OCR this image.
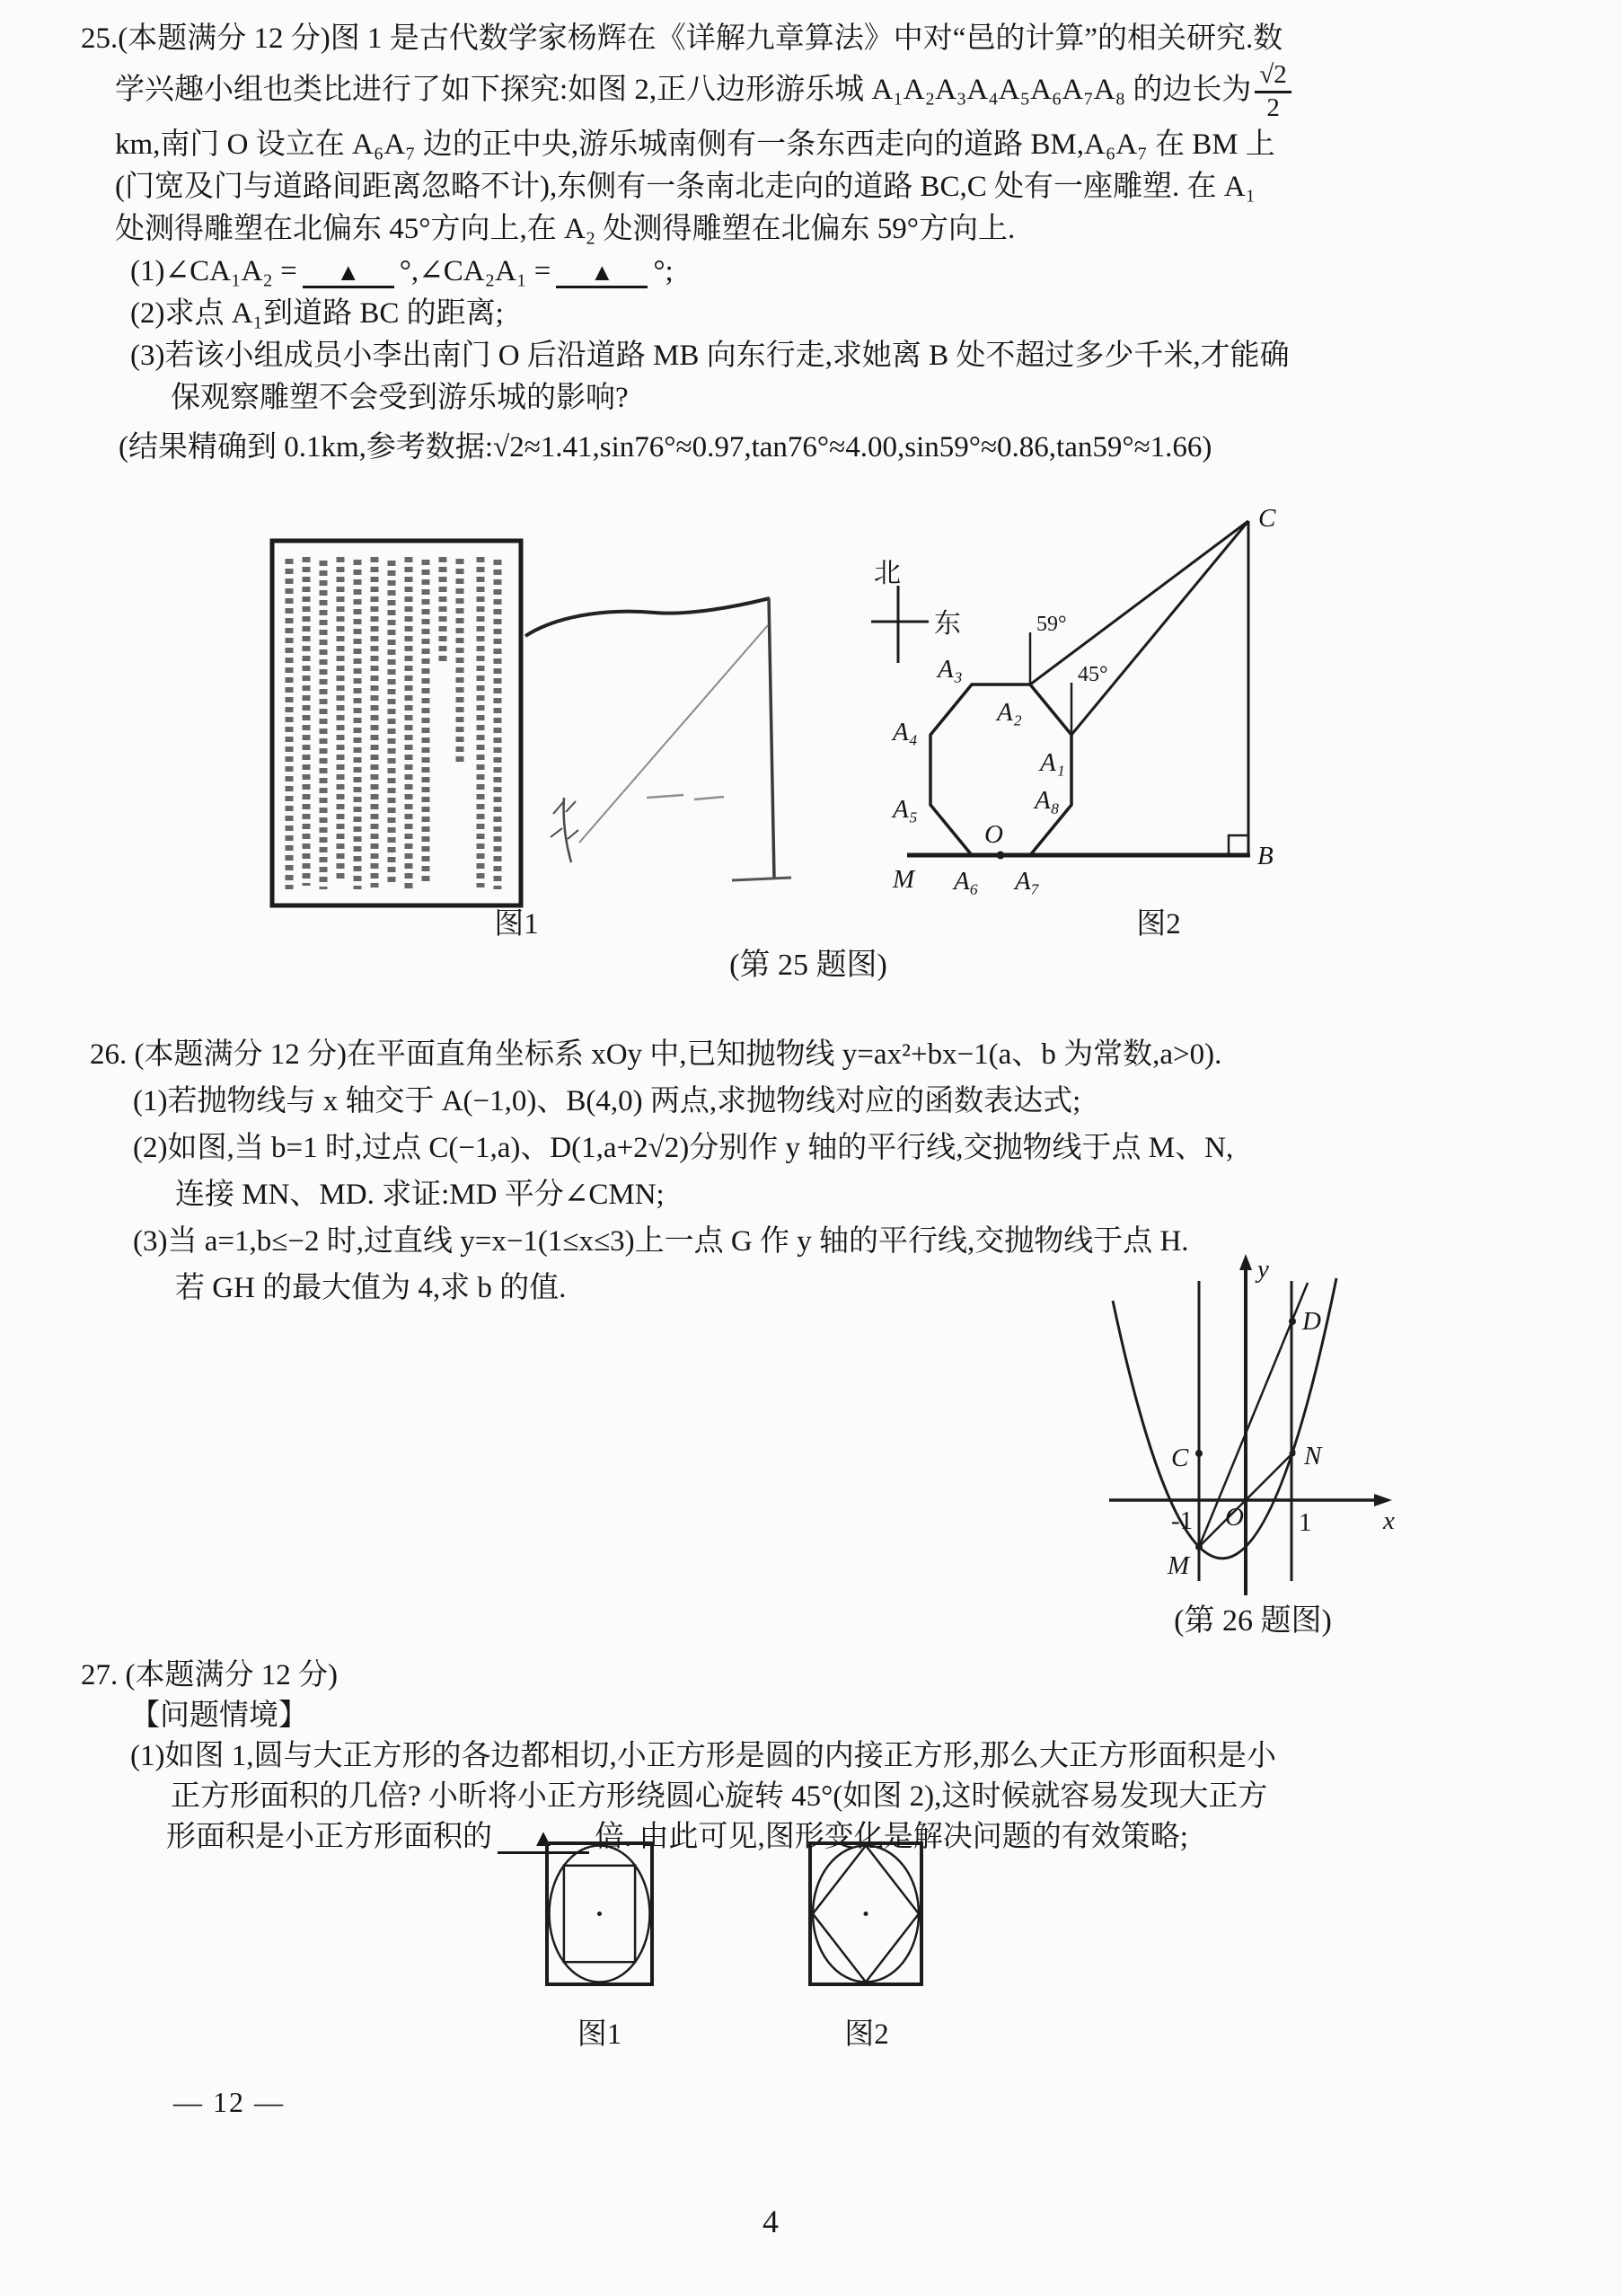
25.(本题满分 12 分)图 1 是古代数学家杨辉在《详解九章算法》中对“邑的计算”的相关研究.数
学兴趣小组也类比进行了如下探究:如图 2,正八边形游乐城 A₁A₂A₃A₄A₅A₆A₇A₈ 的边长为 $\frac{√2}{2}$
km,南门 O 设立在 A₆A₇ 边的正中央,游乐城南侧有一条东西走向的道路 BM,A₆A₇ 在 BM 上
(门宽及门与道路间距离忽略不计),东侧有一条南北走向的道路 BC,C 处有一座雕塑. 在 A₁
处测得雕塑在北偏东 45°方向上,在 A₂ 处测得雕塑在北偏东 59°方向上.
(1)∠CA₁A₂ = ▲ °,∠CA₂A₁ = ▲ °;
(2)求点 A₁到道路 BC 的距离;
(3)若该小组成员小李出南门 O 后沿道路 MB 向东行走,求她离 B 处不超过多少千米,才能确
保观察雕塑不会受到游乐城的影响?
(结果精确到 0.1km,参考数据:√2≈1.41,sin76°≈0.97,tan76°≈4.00,sin59°≈0.86,tan59°≈1.66)
图1
北
东
C
B
M
O
A₃
A₂
A₄
A₁
A₅	A₈
A₆ A₇
59°
45°
图2
(第 25 题图)
26. (本题满分 12 分)在平面直角坐标系 xOy 中,已知抛物线 y=ax²+bx−1(a、b 为常数,a>0).
(1)若抛物线与 x 轴交于 A(−1,0)、B(4,0) 两点,求抛物线对应的函数表达式;
(2)如图,当 b=1 时,过点 C(−1,a)、D(1,a+2√2)分别作 y 轴的平行线,交抛物线于点 M、N,
连接 MN、MD. 求证:MD 平分∠CMN;
(3)当 a=1,b≤−2 时,过直线 y=x−1(1≤x≤3)上一点 G 作 y 轴的平行线,交抛物线于点 H.
若 GH 的最大值为 4,求 b 的值.
y
x
O
-1	1
C
D
N
M
(第 26 题图)
27. (本题满分 12 分)
【问题情境】
(1)如图 1,圆与大正方形的各边都相切,小正方形是圆的内接正方形,那么大正方形面积是小
正方形面积的几倍? 小昕将小正方形绕圆心旋转 45°(如图 2),这时候就容易发现大正方
形面积是小正方形面积的 ▲ 倍. 由此可见,图形变化是解决问题的有效策略;
图1	图2
— 12 —
4
